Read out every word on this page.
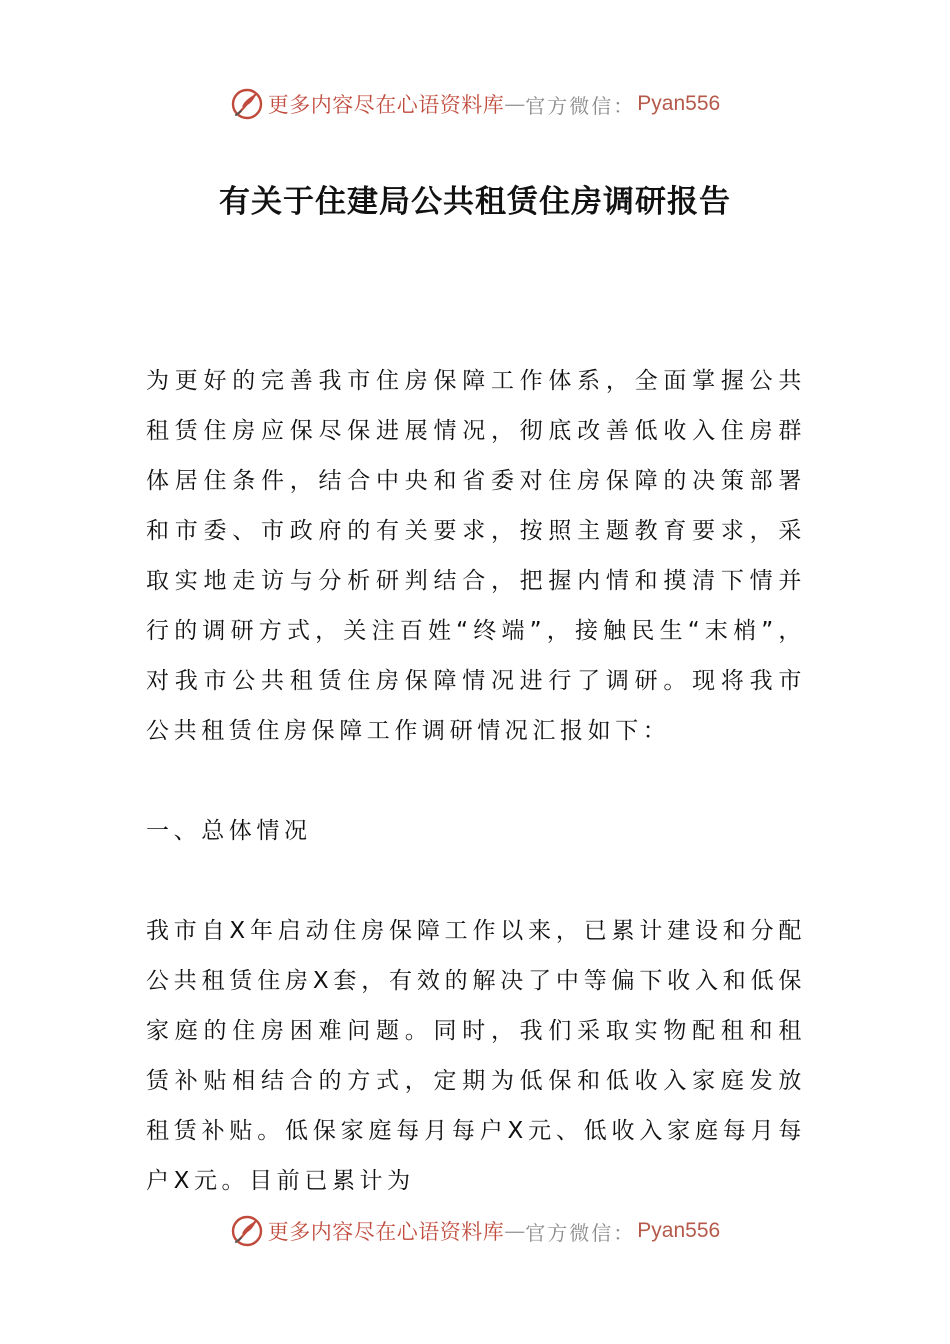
更多内容尽在心语资料库 — 官方微信： Pyan556
有关于住建局公共租赁住房调研报告

为更好的完善我市住房保障工作体系，全面掌握公共租赁住房应保尽保进展情况，彻底改善低收入住房群体居住条件，结合中央和省委对住房保障的决策部署和市委、市政府的有关要求，按照主题教育要求，采取实地走访与分析研判结合，把握内情和摸清下情并行的调研方式，关注百姓“终端”，接触民生“末梢”，对我市公共租赁住房保障情况进行了调研。现将我市公共租赁住房保障工作调研情况汇报如下：

一、总体情况

我市自X年启动住房保障工作以来，已累计建设和分配公共租赁住房X套，有效的解决了中等偏下收入和低保家庭的住房困难问题。同时，我们采取实物配租和租赁补贴相结合的方式，定期为低保和低收入家庭发放租赁补贴。低保家庭每月每户X元、低收入家庭每月每户X元。目前已累计为

更多内容尽在心语资料库 — 官方微信： Pyan556
